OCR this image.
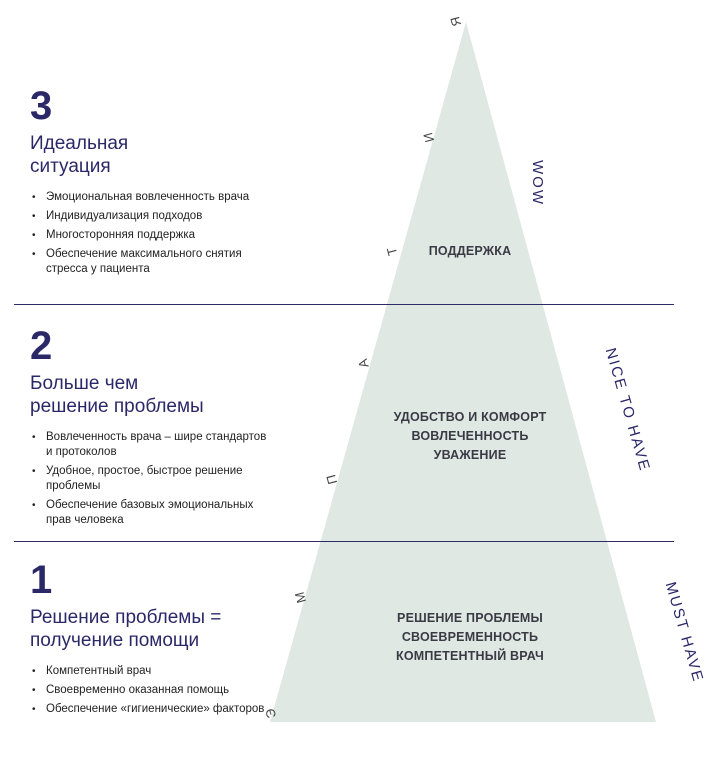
3
Идеальная
ситуация
• Эмоциональная вовлеченность врача
• Индивидуализация подходов
• Многосторонняя поддержка
• Обеспечение максимального снятия стресса у пациента
2
Больше чем
решение проблемы
• Вовлеченность врача – шире стандартов и протоколов
• Удобное, простое, быстрое решение проблемы
• Обеспечение базовых эмоциональных прав человека
1
Решение проблемы =
получение помощи
• Компетентный врач
• Своевременно оказанная помощь
• Обеспечение «гигиенические» факторов
ПОДДЕРЖКА
УДОБСТВО И КОМФОРТ
ВОВЛЕЧЕННОСТЬ
УВАЖЕНИЕ
РЕШЕНИЕ ПРОБЛЕМЫ
СВОЕВРЕМЕННОСТЬ
КОМПЕТЕНТНЫЙ ВРАЧ
WOW
NICE TO HAVE
MUST HAVE
Э
М
П
А
Т
И
Я
